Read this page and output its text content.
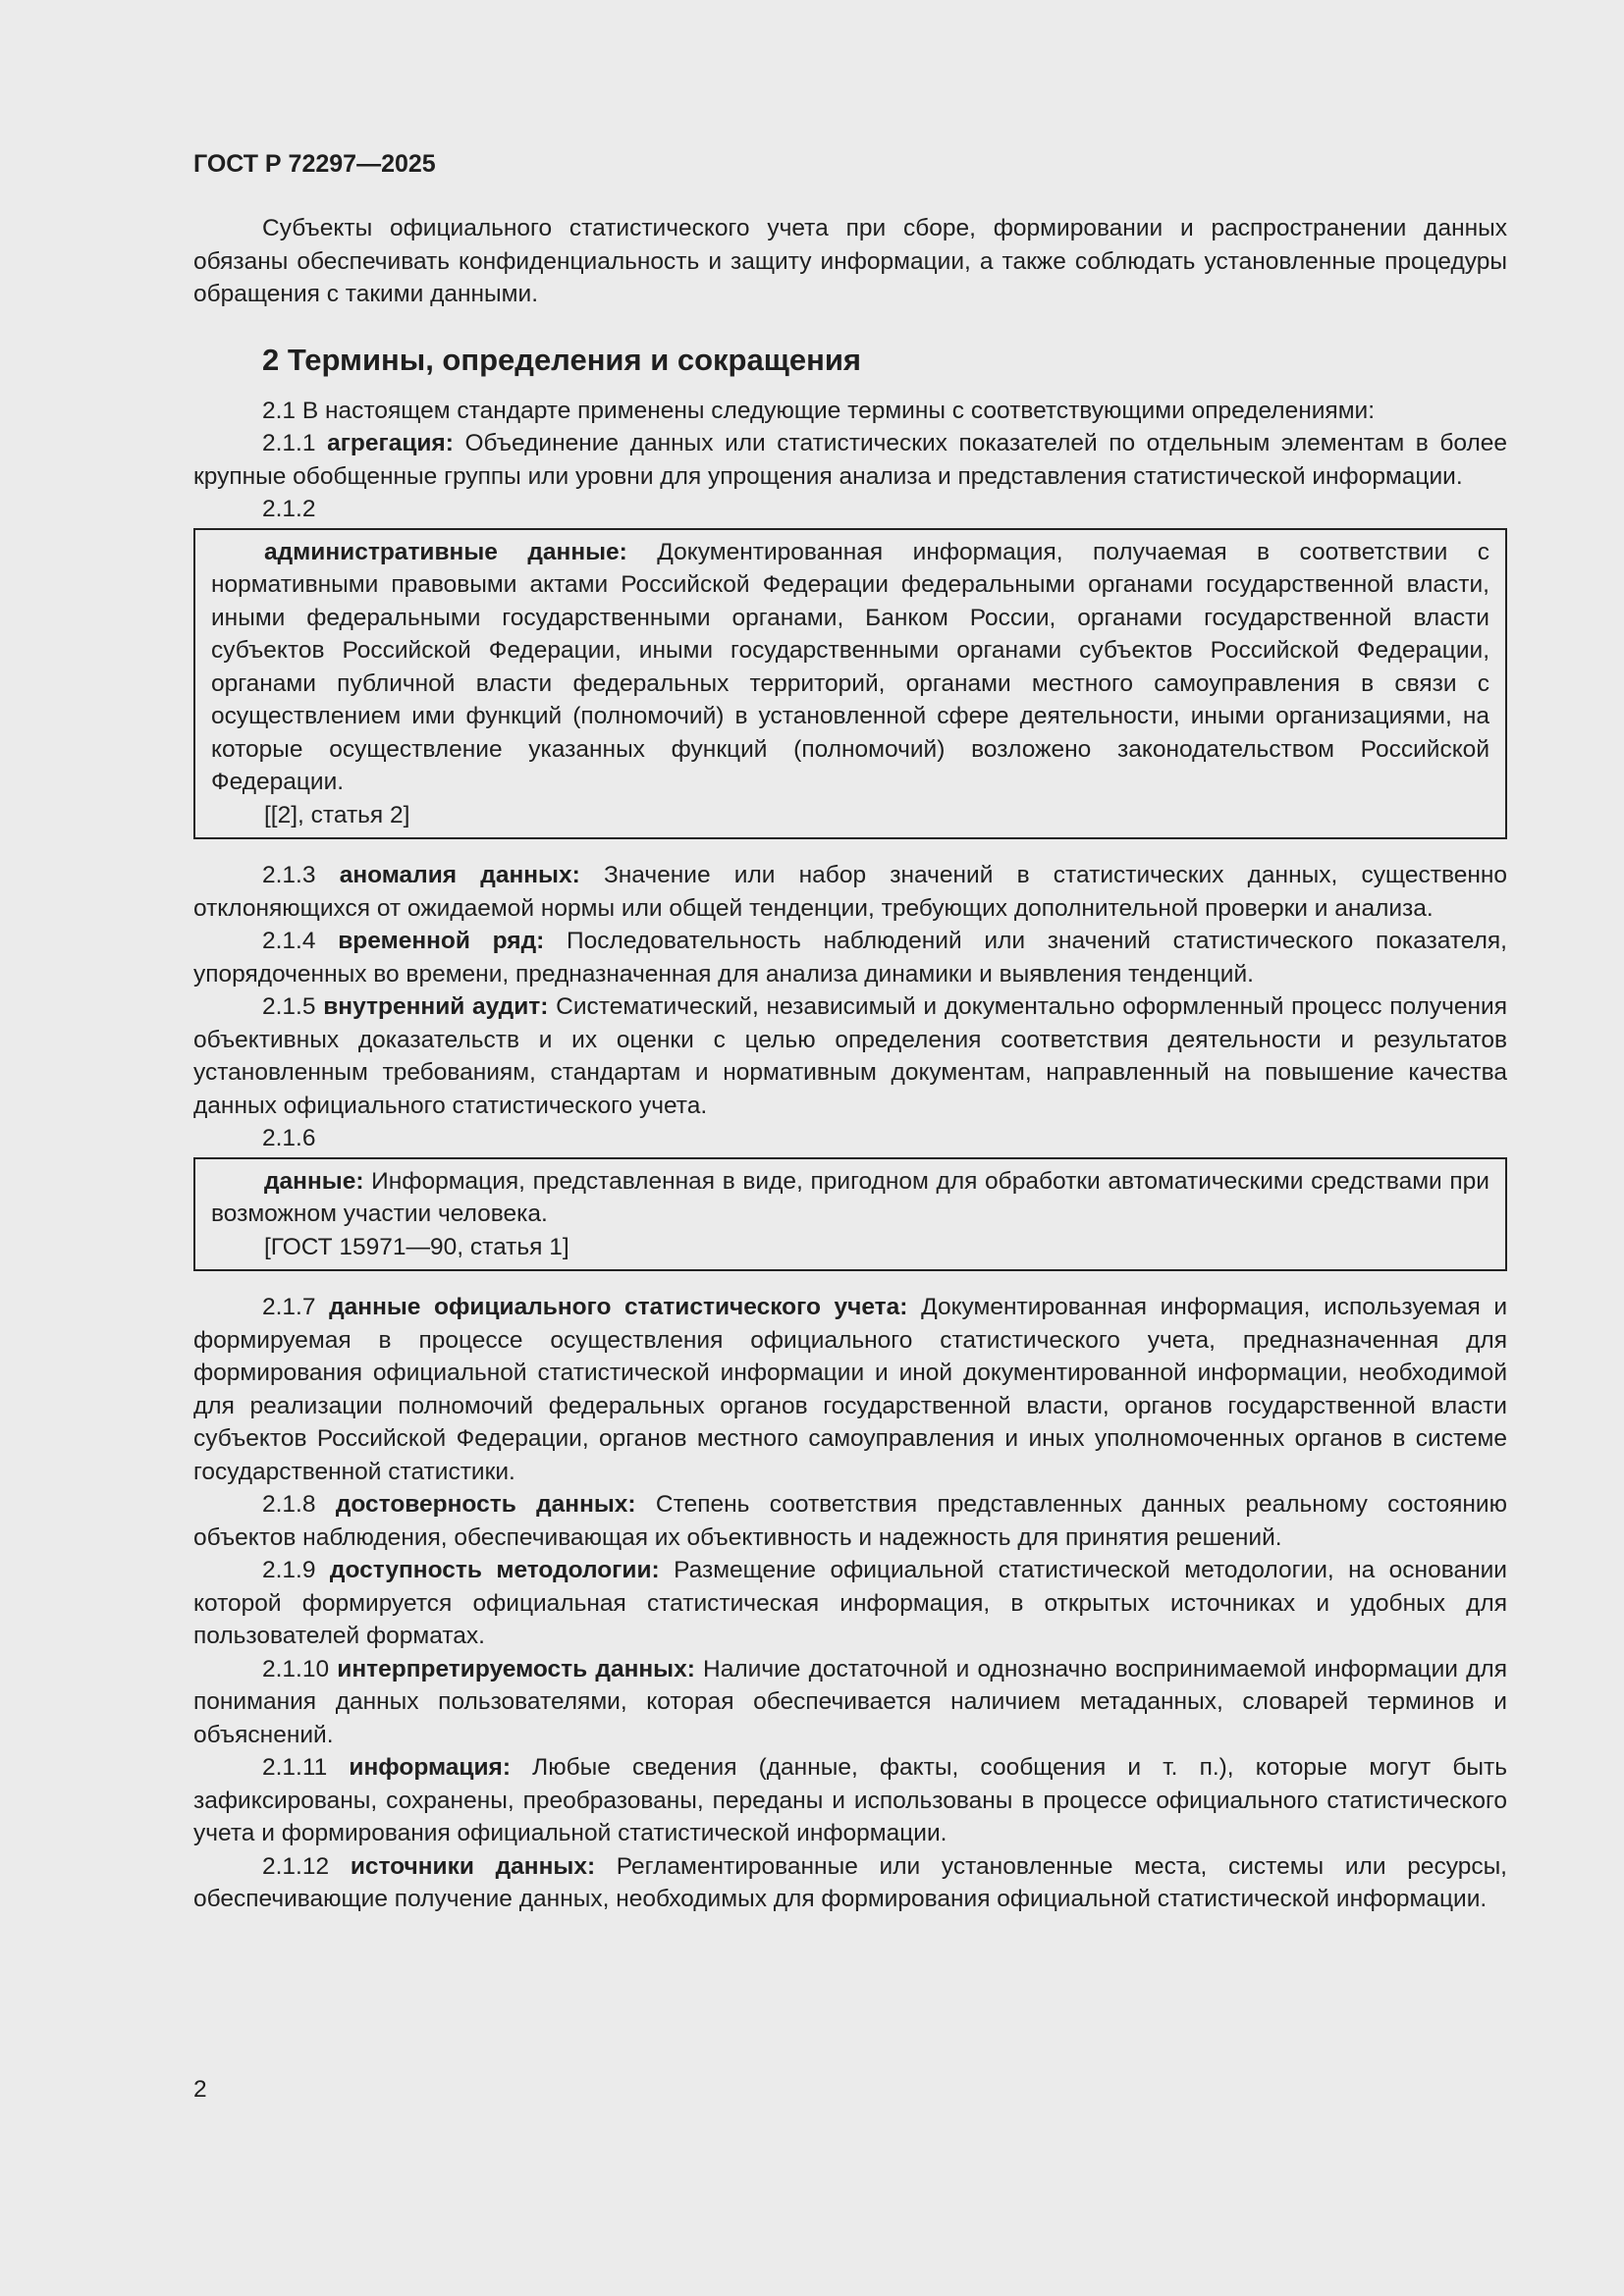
ГОСТ Р 72297—2025

Субъекты официального статистического учета при сборе, формировании и распространении данных обязаны обеспечивать конфиденциальность и защиту информации, а также соблюдать установленные процедуры обращения с такими данными.

2 Термины, определения и сокращения

2.1 В настоящем стандарте применены следующие термины с соответствующими определениями:

2.1.1 агрегация: Объединение данных или статистических показателей по отдельным элементам в более крупные обобщенные группы или уровни для упрощения анализа и представления статистической информации.

2.1.2

административные данные: Документированная информация, получаемая в соответствии с нормативными правовыми актами Российской Федерации федеральными органами государственной власти, иными федеральными государственными органами, Банком России, органами государственной власти субъектов Российской Федерации, иными государственными органами субъектов Российской Федерации, органами публичной власти федеральных территорий, органами местного самоуправления в связи с осуществлением ими функций (полномочий) в установленной сфере деятельности, иными организациями, на которые осуществление указанных функций (полномочий) возложено законодательством Российской Федерации.

[[2], статья 2]

2.1.3 аномалия данных: Значение или набор значений в статистических данных, существенно отклоняющихся от ожидаемой нормы или общей тенденции, требующих дополнительной проверки и анализа.

2.1.4 временной ряд: Последовательность наблюдений или значений статистического показателя, упорядоченных во времени, предназначенная для анализа динамики и выявления тенденций.

2.1.5 внутренний аудит: Систематический, независимый и документально оформленный процесс получения объективных доказательств и их оценки с целью определения соответствия деятельности и результатов установленным требованиям, стандартам и нормативным документам, направленный на повышение качества данных официального статистического учета.

2.1.6

данные: Информация, представленная в виде, пригодном для обработки автоматическими средствами при возможном участии человека.

[ГОСТ 15971—90, статья 1]

2.1.7 данные официального статистического учета: Документированная информация, используемая и формируемая в процессе осуществления официального статистического учета, предназначенная для формирования официальной статистической информации и иной документированной информации, необходимой для реализации полномочий федеральных органов государственной власти, органов государственной власти субъектов Российской Федерации, органов местного самоуправления и иных уполномоченных органов в системе государственной статистики.

2.1.8 достоверность данных: Степень соответствия представленных данных реальному состоянию объектов наблюдения, обеспечивающая их объективность и надежность для принятия решений.

2.1.9 доступность методологии: Размещение официальной статистической методологии, на основании которой формируется официальная статистическая информация, в открытых источниках и удобных для пользователей форматах.

2.1.10 интерпретируемость данных: Наличие достаточной и однозначно воспринимаемой информации для понимания данных пользователями, которая обеспечивается наличием метаданных, словарей терминов и объяснений.

2.1.11 информация: Любые сведения (данные, факты, сообщения и т. п.), которые могут быть зафиксированы, сохранены, преобразованы, переданы и использованы в процессе официального статистического учета и формирования официальной статистической информации.

2.1.12 источники данных: Регламентированные или установленные места, системы или ресурсы, обеспечивающие получение данных, необходимых для формирования официальной статистической информации.

2
